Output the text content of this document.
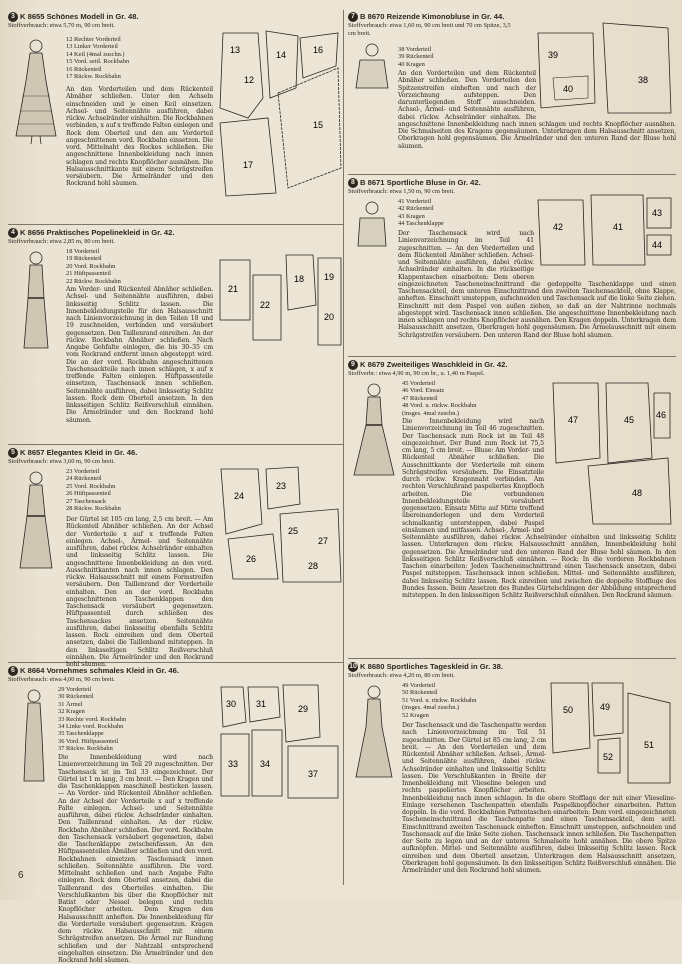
3 K 8655 Schönes Modell in Gr. 48.
Stoffverbrauch: etwa 5,70 m, 90 cm breit.
12 Rechter Vorderteil
13 Linker Vorderteil
14 Keil (4mal zuschn.)
15 Vord. seitl. Rockbahn
16 Rückenteil
17 Rückw. Rockbahn
13
12
14	16
15
17
An den Vorderteilen und dem Rückenteil Abnäher schließen. Unter den Achseln einschneiden und je einen Keil einsetzen. Achsel- und Seitennähte ausführen, dabei rückw. Achselränder einhalten. Die Rockbahnen verbinden, x auf x treffende Falten einlegen und Rock dem Oberteil und den am Vorderteil angeschnittenen vord. Rockbahn einsetzen. Die vord. Mittelnaht des Rockes schließen. Die angeschnittene Innenbekleidung nach innen schlagen und rechts Knopflöcher ausnähen. Die Halsausschnittkante mit einem Schrägstreifen versäubern. Die Ärmelränder und den Rockrand hohl säumen.
4 K 8656 Praktisches Popelinekleid in Gr. 42.
Stoffverbrauch: etwa 2,85 m, 80 cm breit.
18 Vorderteil
19 Rückenteil
20 Vord. Rockbahn
21 Hüftpassenteil
22 Rückw. Rockbahn
21
22
18 19
20
Am Vorder- und Rückenteil Abnäher schließen. Achsel- und Seitennähte ausführen, dabei linksseitig Schlitz lassen. Die Innenbekleidungsteile für den Halsausschnitt nach Linienvorzeichnung in den Teilen 18 und 19 zuschneiden, verbinden und versäubert gegensetzen. Den Taillenrand einreihen. An der rückw. Rockbahn Abnäher schließen. Nach Angabe Gehfalte einlegen, die bis 30–35 cm vom Rockrand entfernt innen abgesteppt wird. Die an der vord. Rockbahn angeschnittenen Taschensackteile nach innen schlagen, x auf x treffende Falten einlegen. Hüftpassenteile einsetzen, Taschensack innen schließen. Seitennähte ausführen, dabei linksseitig Schlitz lassen. Rock dem Oberteil ansetzen. In den linksseitigen Schlitz Reißverschluß einnähen. Die Ärmelränder und den Rockrand hohl säumen.
5 K 8657 Elegantes Kleid in Gr. 46.
Stoffverbrauch: etwa 3,60 m, 90 cm breit.
23 Vorderteil
24 Rückenteil
25 Vord. Rockbahn
26 Hüftpassenteil
27 Taschensack
28 Rückw. Rockbahn
24
23
25
26
27
28
Der Gürtel ist 105 cm lang, 2,5 cm breit. — Am Rückenteil Abnäher schließen. An der Achsel der Vorderteile x auf x treffende Falten einlegen. Achsel-, Ärmel- und Seitennähte ausführen, dabei rückw. Achselränder einhalten und linksseitig Schlitz lassen. Die angeschnittene Innenbekleidung an den vord. Ausschnittkanten nach innen schlagen. Den rückw. Halsausschnitt mit einem Formstreifen versäubern. Den Taillenrand der Vorderteile einhalten. Den an der vord. Rockbahn angeschnittenen Taschenklappen den Taschensack versäubert gegensetzen. Hüftpassenteil durch schließen des Taschensackes ansetzen. Seitennähte ausführen, dabei linksseitig ebenfalls Schlitz lassen. Rock einreihen und dem Oberteil ansetzen, dabei die Taillenband mitsteppen. In den linksseitigen Schlitz Reißverschluß einnähen. Die Ärmelränder und den Rockrand hohl säumen.
6 K 8664 Vornehmes schmales Kleid in Gr. 46.
Stoffverbrauch: etwa 4,00 m, 90 cm breit.
29 Vorderteil
30 Rückenteil
31 Ärmel
32 Kragen
33 Rechte vord. Rockbahn
34 Linke vord. Rockbahn
35 Taschenklappe
36 Vord. Hüftpassenteil
37 Rückw. Rockbahn
30 31	29
33 34
37
Die Innenbekleidung wird nach Linienvorzeichnung im Teil 29 zugeschnitten. Der Taschensack ist im Teil 33 eingezeichnet. Der Gürtel ist 1 m lang, 3 cm breit. — Den Kragen und die Taschenklappen maschinell besticken lassen. — An Vorder- und Rückenteil Abnäher schließen. An der Achsel der Vorderteile x auf x treffende Falte einlegen. Achsel- und Seitennähte ausführen, dabei rückw. Achselränder einhalten. Den Taillenrand einhalten. An der rückw. Rockbahn Abnäher schließen. Der vord. Rockbahn den Taschensack versäubert gegensetzen, dabei die Taschenklappe zwischenfassen. An den Hüftpassenteilen Abnäher schließen und den vord. Rockbahnen einsetzen. Taschensack innen schließen. Seitennähte ausführen. Die vord. Mittelnaht schließen und nach Angabe Falte einlegen. Rock dem Oberteil ansetzen, dabei die Taillenrand des Oberteiles einhalten. Die Verschlußkanten bis über die Knopflöcher mit Batist oder Nessel belegen und rechts Knopflöcher arbeiten. Dem Kragen den Halsausschnitt anheften. Die Innenbekleidung für die Vorderteile versäubert gegensetzen. Kragen dem rückw. Halsausschnitt mit einem Schrägstreifen ansetzen. Die Ärmel zur Rundung schließen und der Nahtzahl entsprechend eingehalten einsetzen. Die Ärmelränder und den Rockrand hohl säumen.
7 B 8670 Reizende Kimonobluse in Gr. 44.
Stoffverbrauch: etwa 1,60 m, 90 cm breit und 70 cm Spitze, 3,5 cm breit.
38 Vorderteil
39 Rückenteil
40 Kragen
39
38
40
An den Vorderteilen und dem Rückenteil Abnäher schließen. Den Vorderteilen den Spitzenstreifen einheften und nach der Vorzeichnung aufsteppen. Den darunterliegenden Stoff ausschneiden. Achsel-, Ärmel- und Seitennähte ausführen, dabei rückw. Achselränder einhalten. Die angeschnittene Innenbekleidung nach innen schlagen und rechts Knopflöcher ausnähen. Die Schmalseiten des Kragens gegensäumen. Unterkragen dem Halsausschnitt ansetzen, Oberkragen hohl gegensäumen. Die Ärmelränder und den unteren Rand der Bluse hohl säumen.
8 B 8671 Sportliche Bluse in Gr. 42.
Stoffverbrauch: etwa 1,50 m, 90 cm breit.
41 Vorderteil
42 Rückenteil
43 Kragen
44 Taschenklappe	42	41
43
44
Der Taschensack wird nach Linienvorzeichnung im Teil 41 zugeschnitten. — An den Vorderteilen und dem Rückenteil Abnäher schließen. Achsel- und Seitennähte ausführen, dabei rückw. Achselränder einhalten. In die rückseitige Klappentaschen einarbeiten: Dem oberen eingezeichneten Tascheneinschnittrand die gedoppelte Taschenklappe und einen Taschensackteil, dem unteren Einschnittrand den zweiten Taschensackteil, ohne Klappe, anheften. Einschnitt umsteppen, aufschneiden und Taschensack auf die linke Seite ziehen. Einschnitt mit dem Paspel von außen ziehen, so daß an der Nahtrinne nochmals abgesteppt wird. Taschensack innen schließen. Die angeschnittene Innenbekleidung nach innen schlagen und rechts Knopflöcher ausnähen. Den Kragen doppeln. Unterkragen dem Halsausschnitt ansetzen, Oberkragen hohl gegensäumen. Die Ärmelausschnitt mit einem Schrägstreifen versäubern. Den unteren Rand der Bluse hohl säumen.
9 K 8679 Zweiteiliges Waschkleid in Gr. 42.
Stoffverbr.: etwa 4,90 m, 90 cm br., u. 1,40 m Paspel.
45 Vorderteil
46 Vord. Einsatz
47 Rückenteil
48 Vord. u. rückw. Rockbahn (insges. 4mal zuschn.)
47	45 46
48
Die Innenbekleidung wird nach Linienvorzeichnung im Teil 46 zugeschnitten. Der Taschensack zum Rock ist im Teil 48 eingezeichnet. Der Bund zum Rock ist 75,5 cm lang, 5 cm breit. — Bluse: Am Vorder- und Rückenteil Abnäher schließen. Die Ausschnittkante der Vorderteile mit einem Schrägstreifen versäubern. Die Einsatzteile durch rückw. Kragennaht verbinden. Am rechten Verschlußrand paspeliertes Knopfloch arbeiten. Die verbundenen Innenbekleidungsteile versäubert gegensetzen. Einsatz Mitte auf Mitte treffend übereinanderlegen und dem Vorderteil schmalkantig untersteppen, dabei Paspel einsäumen und mitfassen. Achsel-, Ärmel- und Seitennähte ausführen, dabei rückw. Achselränder einhalten und linksseitig Schlitz lassen. Unterkragen dem rückw. Halsausschnitt annähen, Innenbekleidung hohl gegensetzen. Die Ärmelränder und den unteren Rand der Bluse hohl säumen. In den linksseitigen Schlitz Reißverschluß einnähen. — Rock: In die vorderen Rockbahnen Taschen einarbeiten: Jeden Tascheneinschnittrand einen Taschensack ansetzen, dabei Paspel mitsteppen. Taschensack innen schließen. Mittel- und Seitennähte ausführen, dabei linksseitig Schlitz lassen. Rock einreihen und zwischen die doppelte Stoffluge des Bundes fassen. Beim Ansetzen des Bundes Gürtelschlingen der Abbildung entsprechend mitsteppen. In den linksseitigen Schlitz Reißverschluß einnähen. Den Rockrand säumen.
10 K 8680 Sportliches Tageskleid in Gr. 38.
Stoffverbrauch: etwa 4,20 m, 80 cm breit.
49 Vorderteil
50 Rückenteil
51 Vord. u. rückw. Rockbahn (insges. 4mal zuschn.)
52 Kragen
50	49
52
51
Der Taschensack und die Taschenpatte werden nach Linienvorzeichnung im Teil 51 zugeschnitten. Der Gürtel ist 85 cm lang, 2 cm breit. — An den Vorderteilen und dem Rückenteil Abnäher schließen. Achsel-, Ärmel- und Seitennähte ausführen, dabei rückw. Achselränder einhalten und linksseitig Schlitz lassen. Die Verschlußkanten in Breite der Innenbekleidung mit Vlieseline belegen und rechts paspeliertes Knopflöcher arbeiten. Innenbekleidung nach innen schlagen. In die obere Stofflage der mit einer Vlieseline-Einlage versehenen Taschenpatten ebenfalls Paspelknopflöcher einarbeiten. Patten doppeln. In die vord. Rockbahnen Pattentaschen einarbeiten: Dem vord. eingezeichneten Tascheneinschnittrand die Taschenpatte und einen Taschensackteil, dem seitl. Einschnittrand zweiten Taschensack einheften. Einschnitt umsteppen, aufschneiden und Taschensack auf die linke Seite ziehen. Taschensack innen schließen. Die Taschenpatten der Seite zu legen und an der unteren Schmalseite hohl annähen. Die obere Spitze aufknöpfen. Mittel- und Seitennähte ausführen, dabei linksseitig Schlitz lassen. Rock einreihen und dem Oberteil ansetzen. Unterkragen dem Halsausschnitt ansetzen, Oberkragen hohl gegensäumen. In den linksseitigen Schlitz Reißverschluß einnähen. Die Ärmelränder und den Rockrand hohl säumen.
6
